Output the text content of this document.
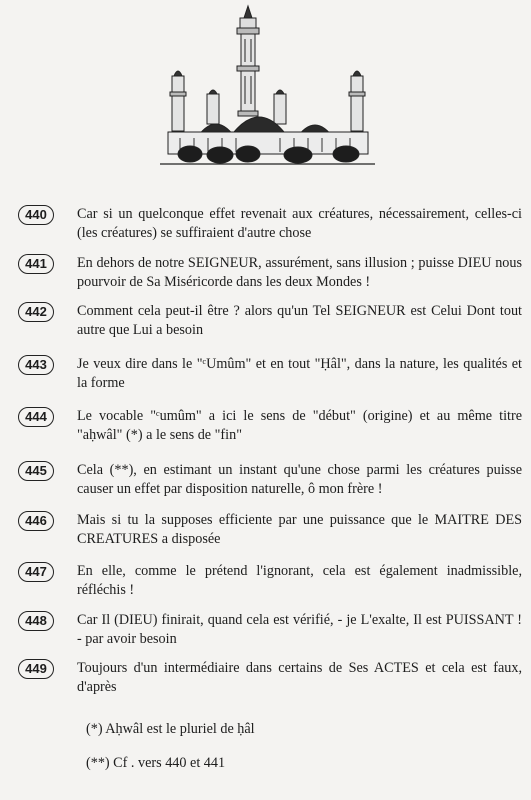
440	Car si un quelconque effet revenait aux créatures, nécessairement, celles-ci (les créatures) se suffiraient d'autre chose
441	En dehors de notre SEIGNEUR, assurément, sans illusion ; puisse DIEU nous pourvoir de Sa Miséricorde dans les deux Mondes !
442	Comment cela peut-il être ? alors qu'un Tel SEIGNEUR est Celui Dont tout autre que Lui a besoin
443	Je veux dire dans le "ᶜUmûm" et en tout "Ḥâl", dans la nature, les qualités et la forme
444	Le vocable "ᶜumûm" a ici le sens de "début" (origine) et au même titre "aḥwâl" (*) a le sens de "fin"
445	Cela (**), en estimant un instant qu'une chose parmi les créatures puisse causer un effet par disposition naturelle, ô mon frère !
446	Mais si tu la supposes efficiente par une puissance que le MAITRE DES CREATURES a disposée
447	En elle, comme le prétend l'ignorant, cela est également inadmissible, réfléchis !
448	Car Il (DIEU) finirait, quand cela est vérifié, - je L'exalte, Il est PUISSANT ! - par avoir besoin
449	Toujours d'un intermédiaire dans certains de Ses ACTES et cela est faux, d'après
(*) Aḥwâl est le pluriel de ḥâl
(**) Cf . vers 440 et 441
